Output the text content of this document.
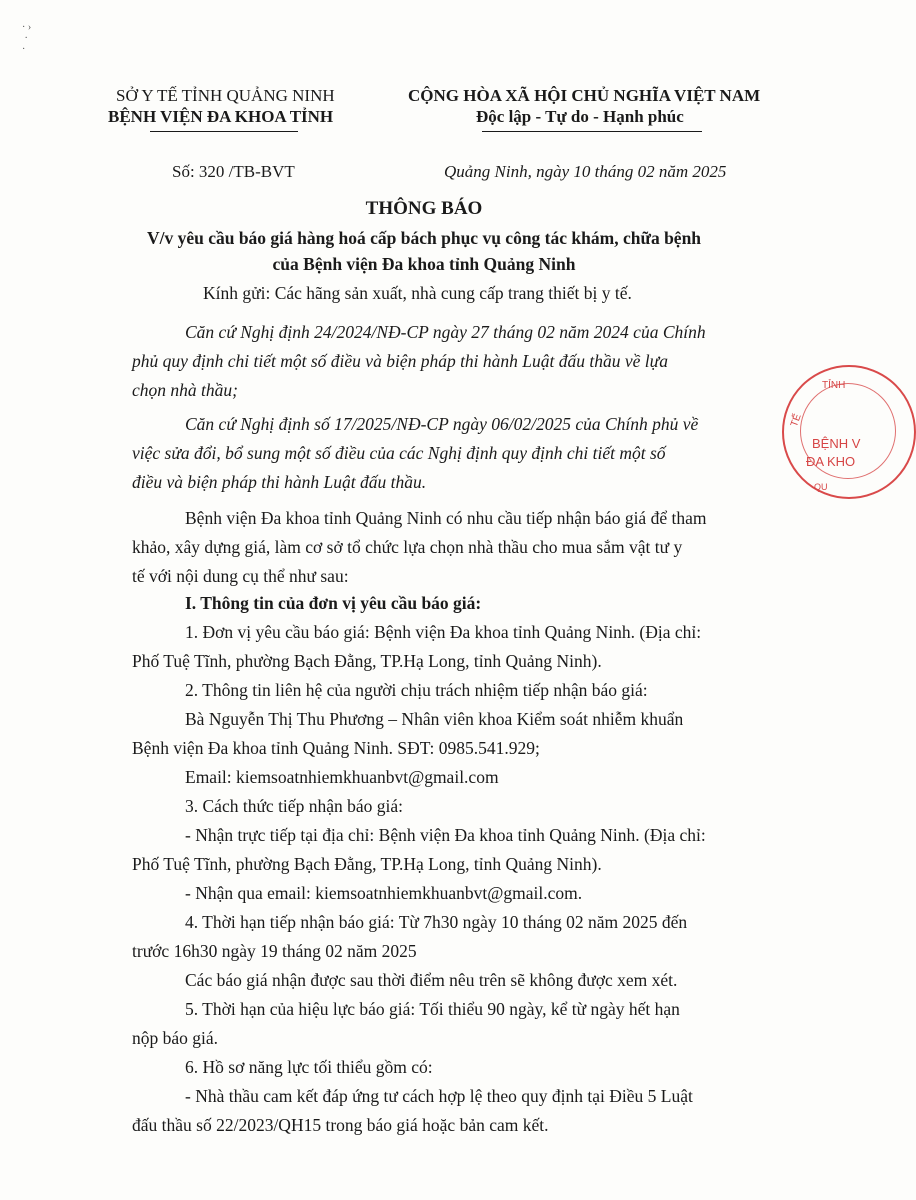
· ›
·
·
SỞ Y TẾ TỈNH QUẢNG NINH
BỆNH VIỆN ĐA KHOA TỈNH
CỘNG HÒA XÃ HỘI CHỦ NGHĨA VIỆT NAM
Độc lập - Tự do - Hạnh phúc
Số: 320 /TB-BVT	Quảng Ninh, ngày 10 tháng 02 năm 2025
THÔNG BÁO
V/v yêu cầu báo giá hàng hoá cấp bách phục vụ công tác khám, chữa bệnh
của Bệnh viện Đa khoa tỉnh Quảng Ninh
Kính gửi: Các hãng sản xuất, nhà cung cấp trang thiết bị y tế.
Căn cứ Nghị định 24/2024/NĐ-CP ngày 27 tháng 02 năm 2024 của Chính
phủ quy định chi tiết một số điều và biện pháp thi hành Luật đấu thầu về lựa
chọn nhà thầu;
Căn cứ Nghị định số 17/2025/NĐ-CP ngày 06/02/2025 của Chính phủ về
việc sửa đổi, bổ sung một số điều của các Nghị định quy định chi tiết một số
điều và biện pháp thi hành Luật đấu thầu.
Bệnh viện Đa khoa tỉnh Quảng Ninh có nhu cầu tiếp nhận báo giá để tham
khảo, xây dựng giá, làm cơ sở tổ chức lựa chọn nhà thầu cho mua sắm vật tư y
tế với nội dung cụ thể như sau:
I. Thông tin của đơn vị yêu cầu báo giá:
1. Đơn vị yêu cầu báo giá: Bệnh viện Đa khoa tỉnh Quảng Ninh. (Địa chỉ:
Phố Tuệ Tĩnh, phường Bạch Đằng, TP.Hạ Long, tỉnh Quảng Ninh).
2. Thông tin liên hệ của người chịu trách nhiệm tiếp nhận báo giá:
Bà Nguyễn Thị Thu Phương – Nhân viên khoa Kiểm soát nhiễm khuẩn
Bệnh viện Đa khoa tỉnh Quảng Ninh. SĐT: 0985.541.929;
Email: kiemsoatnhiemkhuanbvt@gmail.com
3. Cách thức tiếp nhận báo giá:
- Nhận trực tiếp tại địa chỉ: Bệnh viện Đa khoa tỉnh Quảng Ninh. (Địa chỉ:
Phố Tuệ Tĩnh, phường Bạch Đằng, TP.Hạ Long, tỉnh Quảng Ninh).
- Nhận qua email: kiemsoatnhiemkhuanbvt@gmail.com.
4. Thời hạn tiếp nhận báo giá: Từ 7h30 ngày 10 tháng 02 năm 2025 đến
trước 16h30 ngày 19 tháng 02 năm 2025
Các báo giá nhận được sau thời điểm nêu trên sẽ không được xem xét.
5. Thời hạn của hiệu lực báo giá: Tối thiểu 90 ngày, kể từ ngày hết hạn
nộp báo giá.
6. Hồ sơ năng lực tối thiểu gồm có:
- Nhà thầu cam kết đáp ứng tư cách hợp lệ theo quy định tại Điều 5 Luật
đấu thầu số 22/2023/QH15 trong báo giá hoặc bản cam kết.
TỈNH
TẾ
BỆNH V
ĐA KHO
QU
